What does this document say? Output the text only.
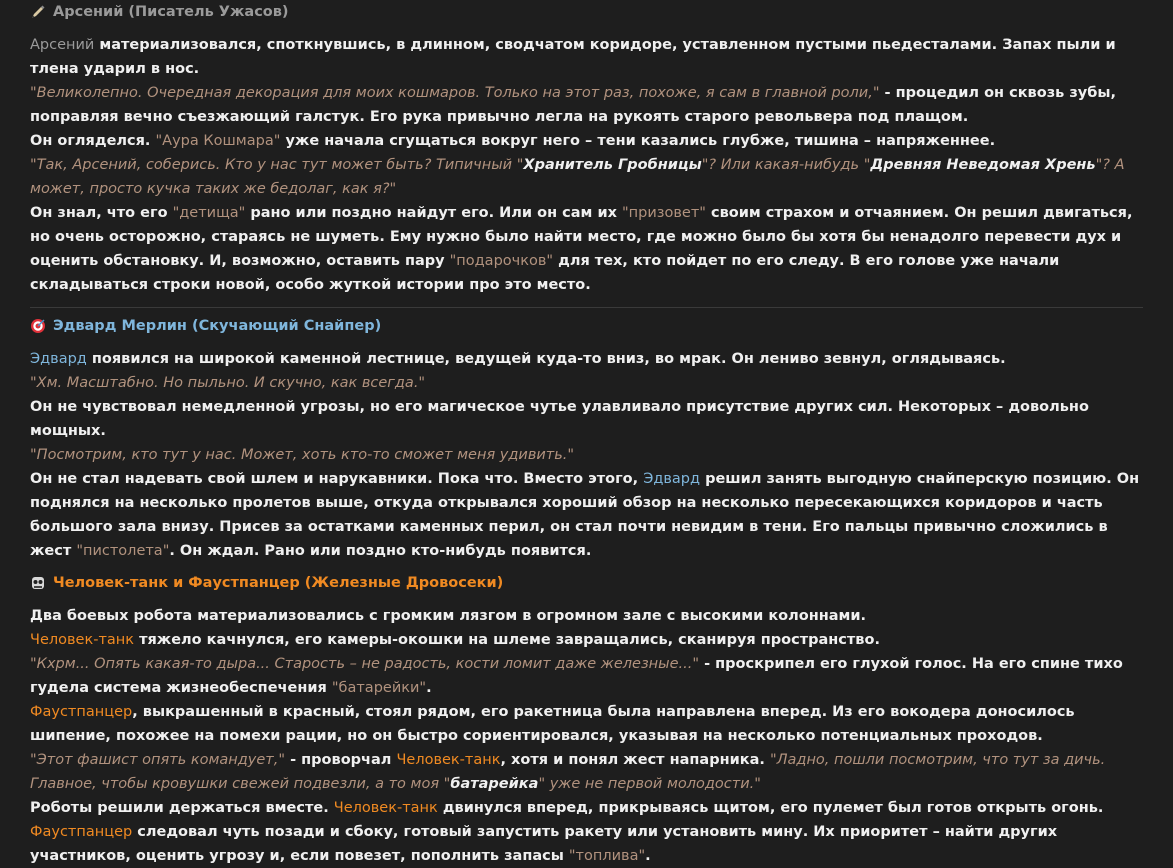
Арсений (Писатель Ужасов)

Арсений материализовался, споткнувшись, в длинном, сводчатом коридоре, уставленном пустыми пьедесталами. Запах пыли и тлена ударил в нос.

"Великолепно. Очередная декорация для моих кошмаров. Только на этот раз, похоже, я сам в главной роли," - процедил он сквозь зубы, поправляя вечно съезжающий галстук. Его рука привычно легла на рукоять старого револьвера под плащом.

Он огляделся. "Аура Кошмара" уже начала сгущаться вокруг него – тени казались глубже, тишина – напряженнее.

"Так, Арсений, соберись. Кто у нас тут может быть? Типичный "Хранитель Гробницы"? Или какая-нибудь "Древняя Неведомая Хрень"? А может, просто кучка таких же бедолаг, как я?"

Он знал, что его "детища" рано или поздно найдут его. Или он сам их "призовет" своим страхом и отчаянием. Он решил двигаться, но очень осторожно, стараясь не шуметь. Ему нужно было найти место, где можно было бы хотя бы ненадолго перевести дух и оценить обстановку. И, возможно, оставить пару "подарочков" для тех, кто пойдет по его следу. В его голове уже начали складываться строки новой, особо жуткой истории про это место.

Эдвард Мерлин (Скучающий Снайпер)

Эдвард появился на широкой каменной лестнице, ведущей куда-то вниз, во мрак. Он лениво зевнул, оглядываясь.

"Хм. Масштабно. Но пыльно. И скучно, как всегда."

Он не чувствовал немедленной угрозы, но его магическое чутье улавливало присутствие других сил. Некоторых – довольно мощных.

"Посмотрим, кто тут у нас. Может, хоть кто-то сможет меня удивить."

Он не стал надевать свой шлем и нарукавники. Пока что. Вместо этого, Эдвард решил занять выгодную снайперскую позицию. Он поднялся на несколько пролетов выше, откуда открывался хороший обзор на несколько пересекающихся коридоров и часть большого зала внизу. Присев за остатками каменных перил, он стал почти невидим в тени. Его пальцы привычно сложились в жест "пистолета". Он ждал. Рано или поздно кто-нибудь появится.

Человек-танк и Фаустпанцер (Железные Дровосеки)

Два боевых робота материализовались с громким лязгом в огромном зале с высокими колоннами.

Человек-танк тяжело качнулся, его камеры-окошки на шлеме завращались, сканируя пространство.

"Кхрм... Опять какая-то дыра... Старость – не радость, кости ломит даже железные..." - проскрипел его глухой голос. На его спине тихо гудела система жизнеобеспечения "батарейки".

Фаустпанцер, выкрашенный в красный, стоял рядом, его ракетница была направлена вперед. Из его вокодера доносилось шипение, похожее на помехи рации, но он быстро сориентировался, указывая на несколько потенциальных проходов.

"Этот фашист опять командует," - проворчал Человек-танк, хотя и понял жест напарника. "Ладно, пошли посмотрим, что тут за дичь. Главное, чтобы кровушки свежей подвезли, а то моя "батарейка" уже не первой молодости."

Роботы решили держаться вместе. Человек-танк двинулся вперед, прикрываясь щитом, его пулемет был готов открыть огонь. Фаустпанцер следовал чуть позади и сбоку, готовый запустить ракету или установить мину. Их приоритет – найти других участников, оценить угрозу и, если повезет, пополнить запасы "топлива".
